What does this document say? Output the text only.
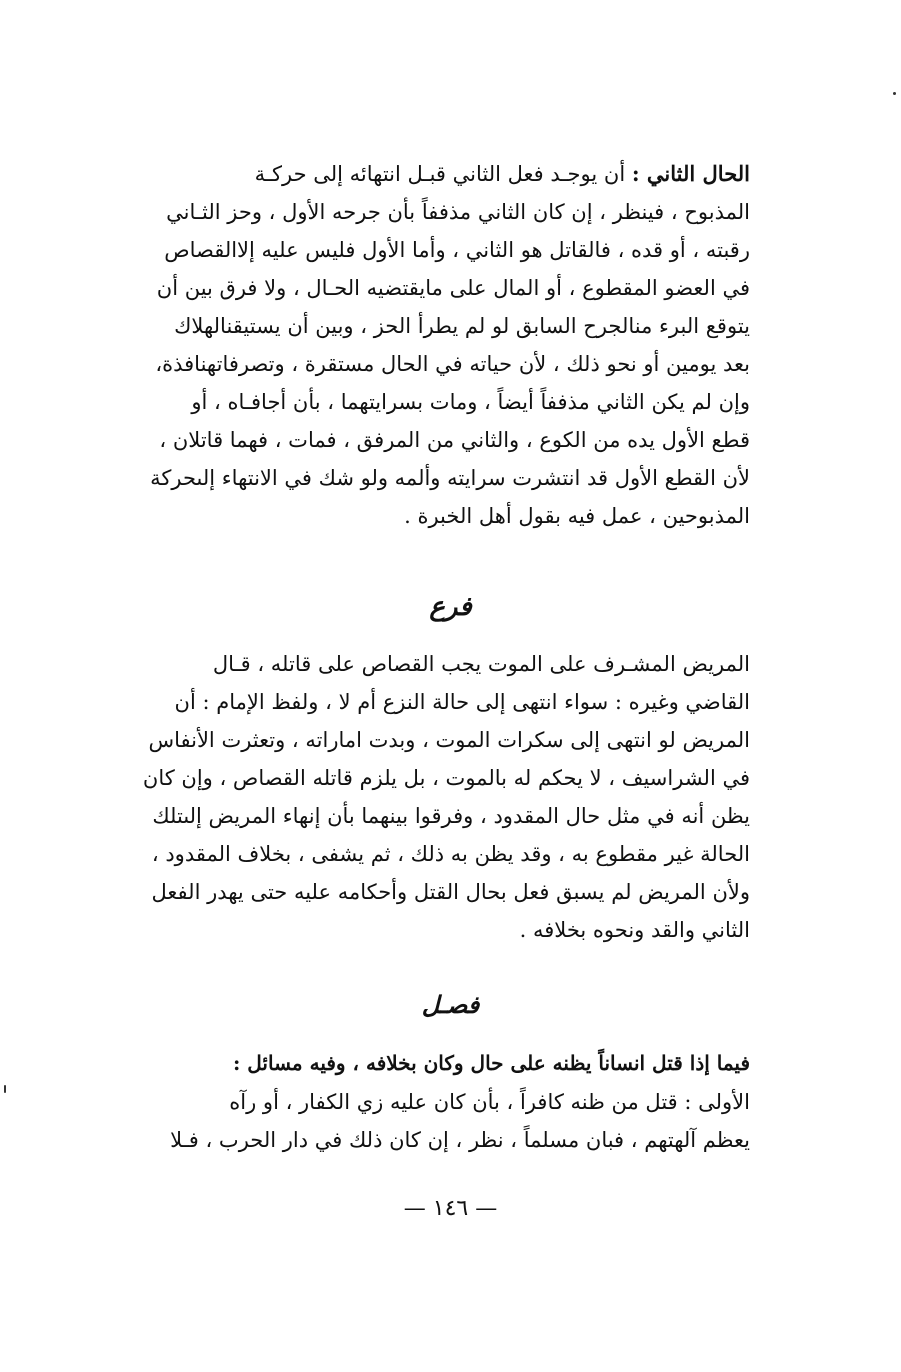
الحال الثاني : أن يوجـد فعل الثاني قبـل انتهائه إلى حركـة
المذبوح ، فينظر ، إن كان الثاني مذففاً بأن جرحه الأول ، وحز الثـاني
رقبته ، أو قده ، فالقاتل هو الثاني ، وأما الأول فليس عليه إلاالقصاص
في العضو المقطوع ، أو المال على مايقتضيه الحـال ، ولا فرق بين أن
يتوقع البرء منالجرح السابق لو لم يطرأ الحز ، وبين أن يستيقنالهلاك
بعد يومين أو نحو ذلك ، لأن حياته في الحال مستقرة ، وتصرفاتهنافذة،
وإن لم يكن الثاني مذففاً أيضاً ، ومات بسرايتهما ، بأن أجافـاه ، أو
قطع الأول يده من الكوع ، والثاني من المرفق ، فمات ، فهما قاتلان ،
لأن القطع الأول قد انتشرت سرايته وألمه ولو شك في الانتهاء إلىحركة
المذبوحين ، عمل فيه بقول أهل الخبرة .
فرع
المريض المشـرف على الموت يجب القصاص على قاتله ، قـال
القاضي وغيره : سواء انتهى إلى حالة النزع أم لا ، ولفظ الإمام : أن
المريض لو انتهى إلى سكرات الموت ، وبدت اماراته ، وتعثرت الأنفاس
في الشراسيف ، لا يحكم له بالموت ، بل يلزم قاتله القصاص ، وإن كان
يظن أنه في مثل حال المقدود ، وفرقوا بينهما بأن إنهاء المريض إلىتلك
الحالة غير مقطوع به ، وقد يظن به ذلك ، ثم يشفى ، بخلاف المقدود ،
ولأن المريض لم يسبق فعل بحال القتل وأحكامه عليه حتى يهدر الفعل
الثاني والقد ونحوه بخلافه .
فصـل
فيما إذا قتل انساناً يظنه على حال وكان بخلافه ، وفيه مسائل :
الأولى : قتل من ظنه كافراً ، بأن كان عليه زي الكفار ، أو رآه
يعظم آلهتهم ، فبان مسلماً ، نظر ، إن كان ذلك في دار الحرب ، فـلا
— ١٤٦ —
